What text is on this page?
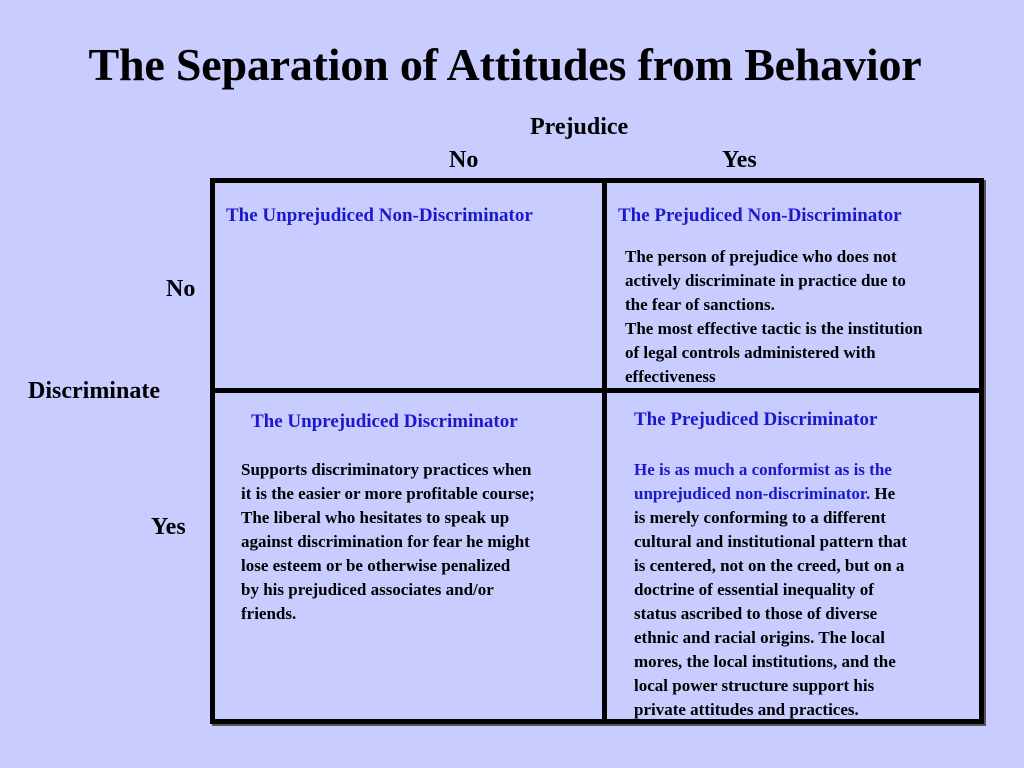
The Separation of Attitudes from Behavior
Prejudice
No	Yes
No
Discriminate
Yes
The Unprejudiced Non-Discriminator	The Prejudiced Non-Discriminator
The person of prejudice who does not
actively discriminate in practice due to
the fear of sanctions.
The most effective tactic is the institution
of legal controls administered with
effectiveness
The Unprejudiced Discriminator
Supports discriminatory practices when
it is the easier or more profitable course;
The liberal who hesitates to speak up
against discrimination for fear he might
lose esteem or be otherwise penalized
by his prejudiced associates and/or
friends.
The Prejudiced Discriminator
He is as much a conformist as is the
unprejudiced non-discriminator. He
is merely conforming to a different
cultural and institutional pattern that
is centered, not on the creed, but on a
doctrine of essential inequality of
status ascribed to those of diverse
ethnic and racial origins. The local
mores, the local institutions, and the
local power structure support his
private attitudes and practices.
